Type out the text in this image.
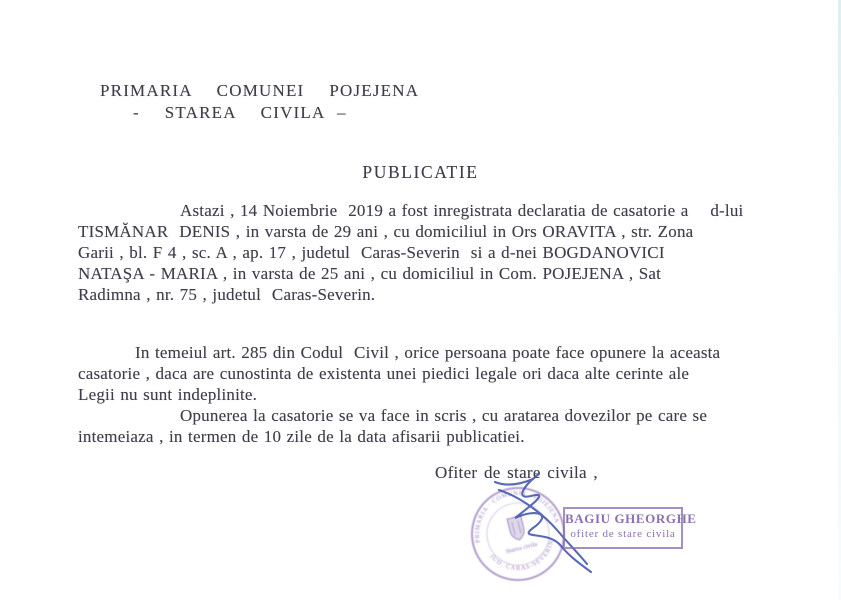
PRIMARIA  COMUNEI  POJEJENA
-  STAREA  CIVILA –
PUBLICATIE
Astazi , 14 Noiembrie  2019 a fost inregistrata declaratia de casatorie a    d-lui
TISMĂNAR  DENIS , in varsta de 29 ani , cu domiciliul in Ors ORAVITA , str. Zona
Garii , bl. F 4 , sc. A , ap. 17 , judetul  Caras-Severin  si a d-nei BOGDANOVICI
NATAŞA - MARIA , in varsta de 25 ani , cu domiciliul in Com. POJEJENA , Sat
Radimna , nr. 75 , judetul  Caras-Severin.
In temeiul art. 285 din Codul  Civil , orice persoana poate face opunere la aceasta
casatorie , daca are cunostinta de existenta unei piedici legale ori daca alte cerinte ale
Legii nu sunt indeplinite.
Opunerea la casatorie se va face in scris , cu aratarea dovezilor pe care se
intemeiaza , in termen de 10 zile de la data afisarii publicatiei.
Ofiter de stare civila ,
PRIMARIA · COMUNEI · POJEJENA
JUD. CARAS-SEVERIN
Starea civila
BAGIU GHEORGHE
ofiter de stare civila
